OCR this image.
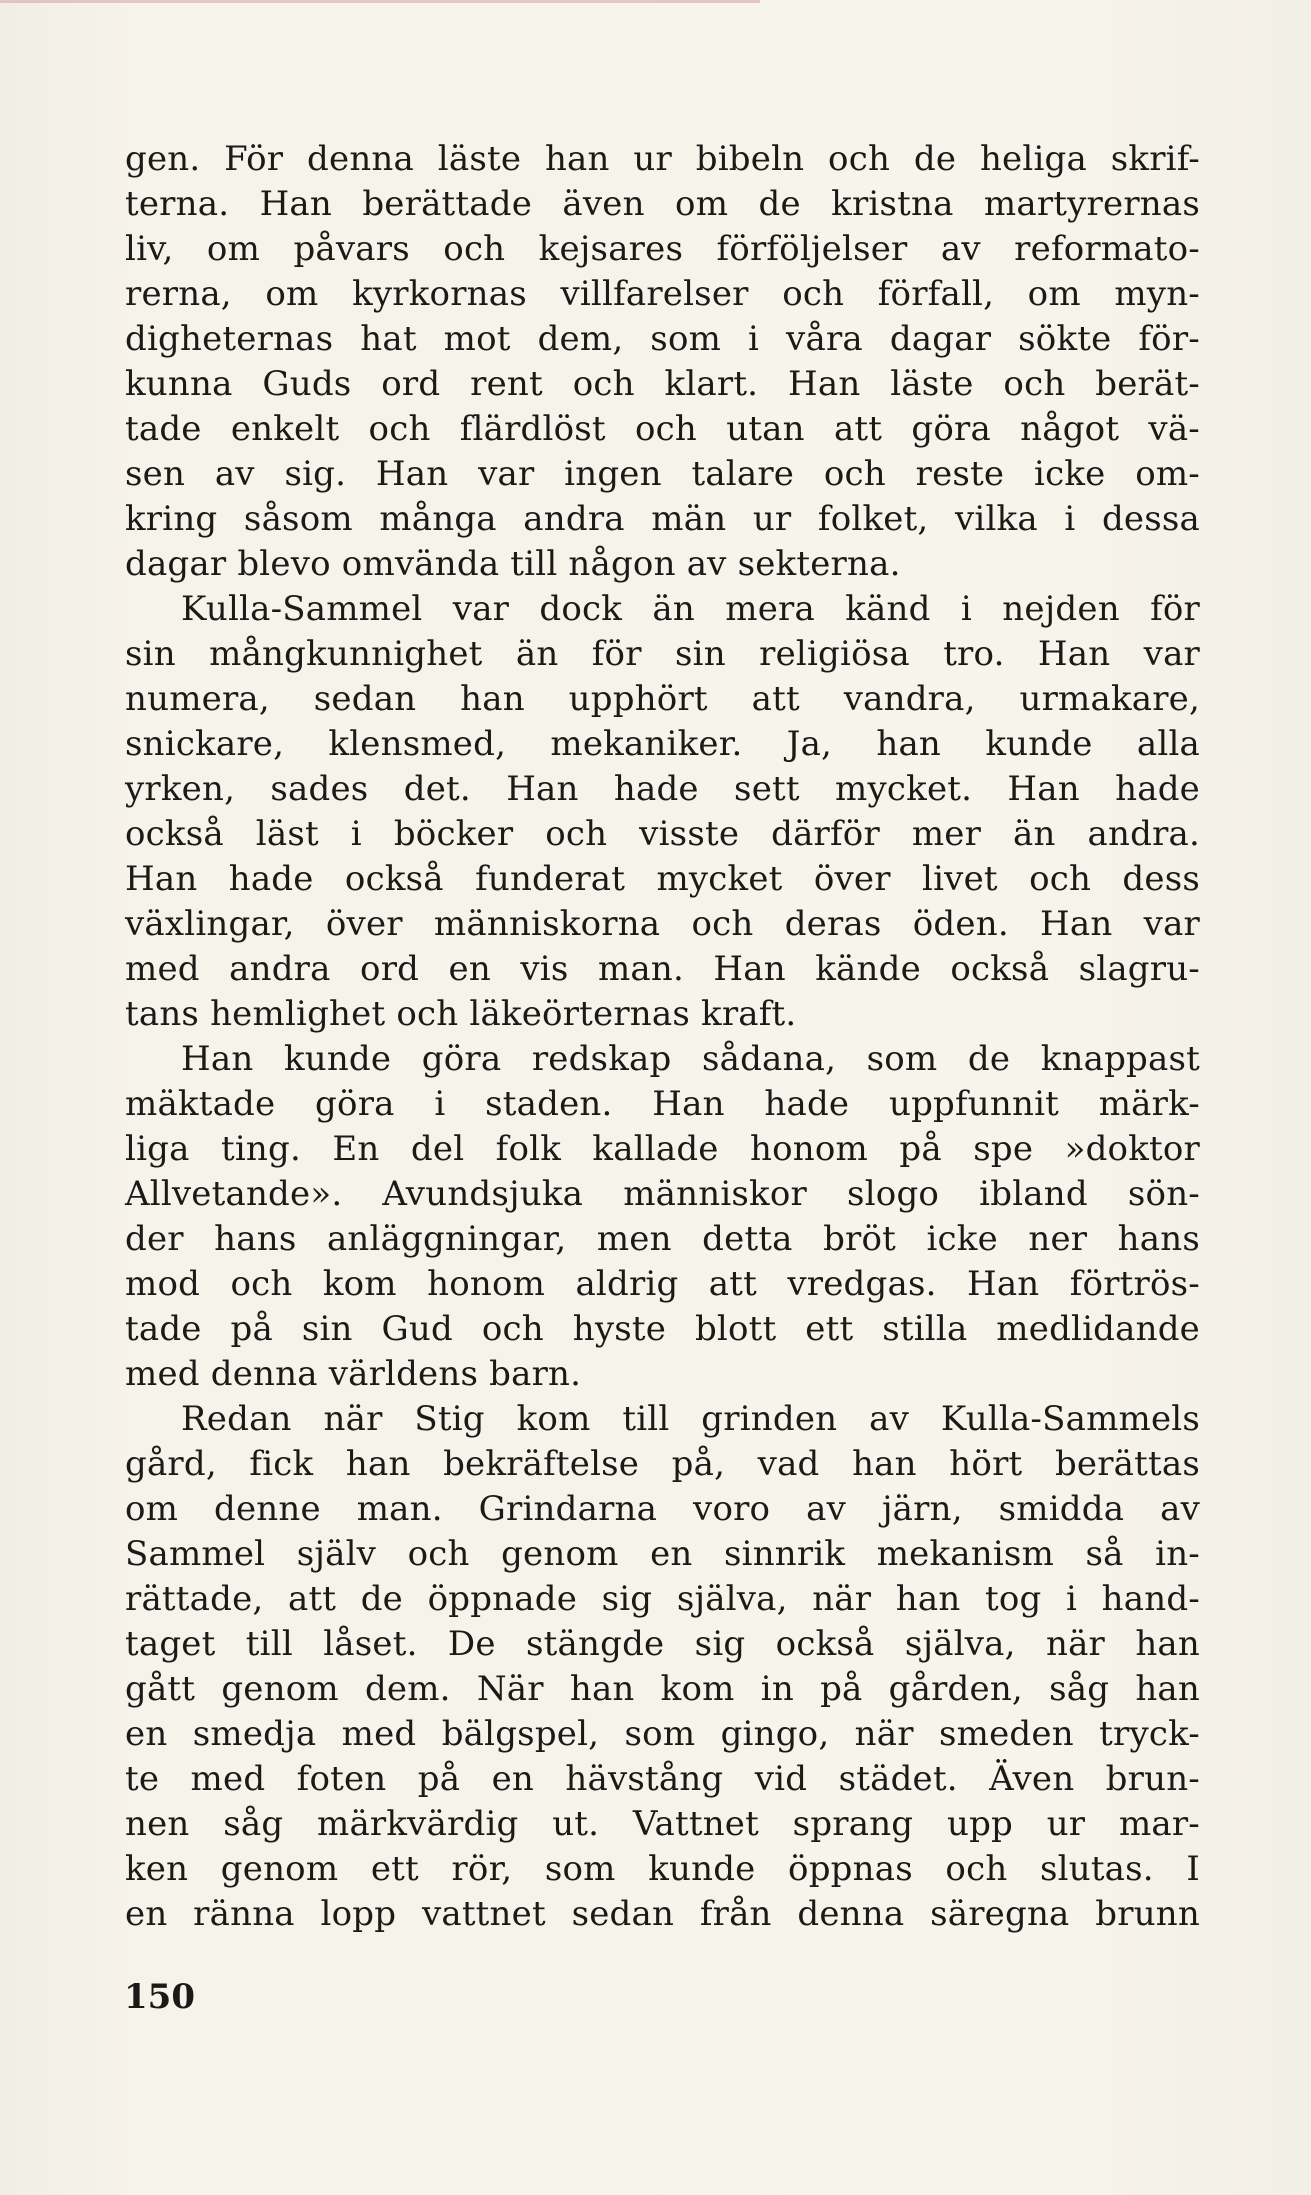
gen. För denna läste han ur bibeln och de heliga skrif-
terna. Han berättade även om de kristna martyrernas
liv, om påvars och kejsares förföljelser av reformato-
rerna, om kyrkornas villfarelser och förfall, om myn-
digheternas hat mot dem, som i våra dagar sökte för-
kunna Guds ord rent och klart. Han läste och berät-
tade enkelt och flärdlöst och utan att göra något vä-
sen av sig. Han var ingen talare och reste icke om-
kring såsom många andra män ur folket, vilka i dessa
dagar blevo omvända till någon av sekterna.
Kulla-Sammel var dock än mera känd i nejden för
sin mångkunnighet än för sin religiösa tro. Han var
numera, sedan han upphört att vandra, urmakare,
snickare, klensmed, mekaniker. Ja, han kunde alla
yrken, sades det. Han hade sett mycket. Han hade
också läst i böcker och visste därför mer än andra.
Han hade också funderat mycket över livet och dess
växlingar, över människorna och deras öden. Han var
med andra ord en vis man. Han kände också slagru-
tans hemlighet och läkeörternas kraft.
Han kunde göra redskap sådana, som de knappast
mäktade göra i staden. Han hade uppfunnit märk-
liga ting. En del folk kallade honom på spe »doktor
Allvetande». Avundsjuka människor slogo ibland sön-
der hans anläggningar, men detta bröt icke ner hans
mod och kom honom aldrig att vredgas. Han förtrös-
tade på sin Gud och hyste blott ett stilla medlidande
med denna världens barn.
Redan när Stig kom till grinden av Kulla-Sammels
gård, fick han bekräftelse på, vad han hört berättas
om denne man. Grindarna voro av järn, smidda av
Sammel själv och genom en sinnrik mekanism så in-
rättade, att de öppnade sig själva, när han tog i hand-
taget till låset. De stängde sig också själva, när han
gått genom dem. När han kom in på gården, såg han
en smedja med bälgspel, som gingo, när smeden tryck-
te med foten på en hävstång vid städet. Även brun-
nen såg märkvärdig ut. Vattnet sprang upp ur mar-
ken genom ett rör, som kunde öppnas och slutas. I
en ränna lopp vattnet sedan från denna säregna brunn
150
